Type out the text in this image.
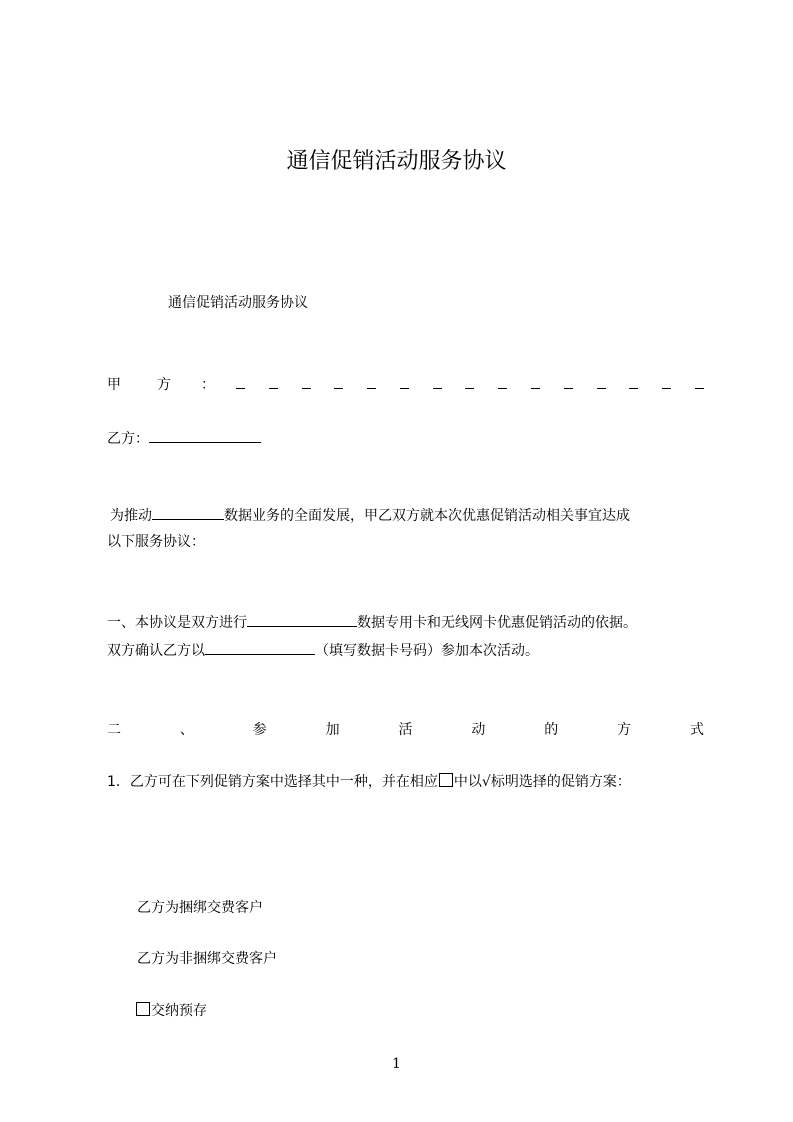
通信促销活动服务协议
通信促销活动服务协议
甲	方	：
乙方：
为推动	数据业务的全面发展，甲乙双方就本次优惠促销活动相关事宜达成
以下服务协议：
一、本协议是双方进行	数据专用卡和无线网卡优惠促销活动的依据。
双方确认乙方以	（填写数据卡号码）参加本次活动。
二	、	参	加	活	动	的	方	式
1．乙方可在下列促销方案中选择其中一种，并在相应 中以√标明选择的促销方案：
乙方为捆绑交费客户
乙方为非捆绑交费客户
交纳预存
1
